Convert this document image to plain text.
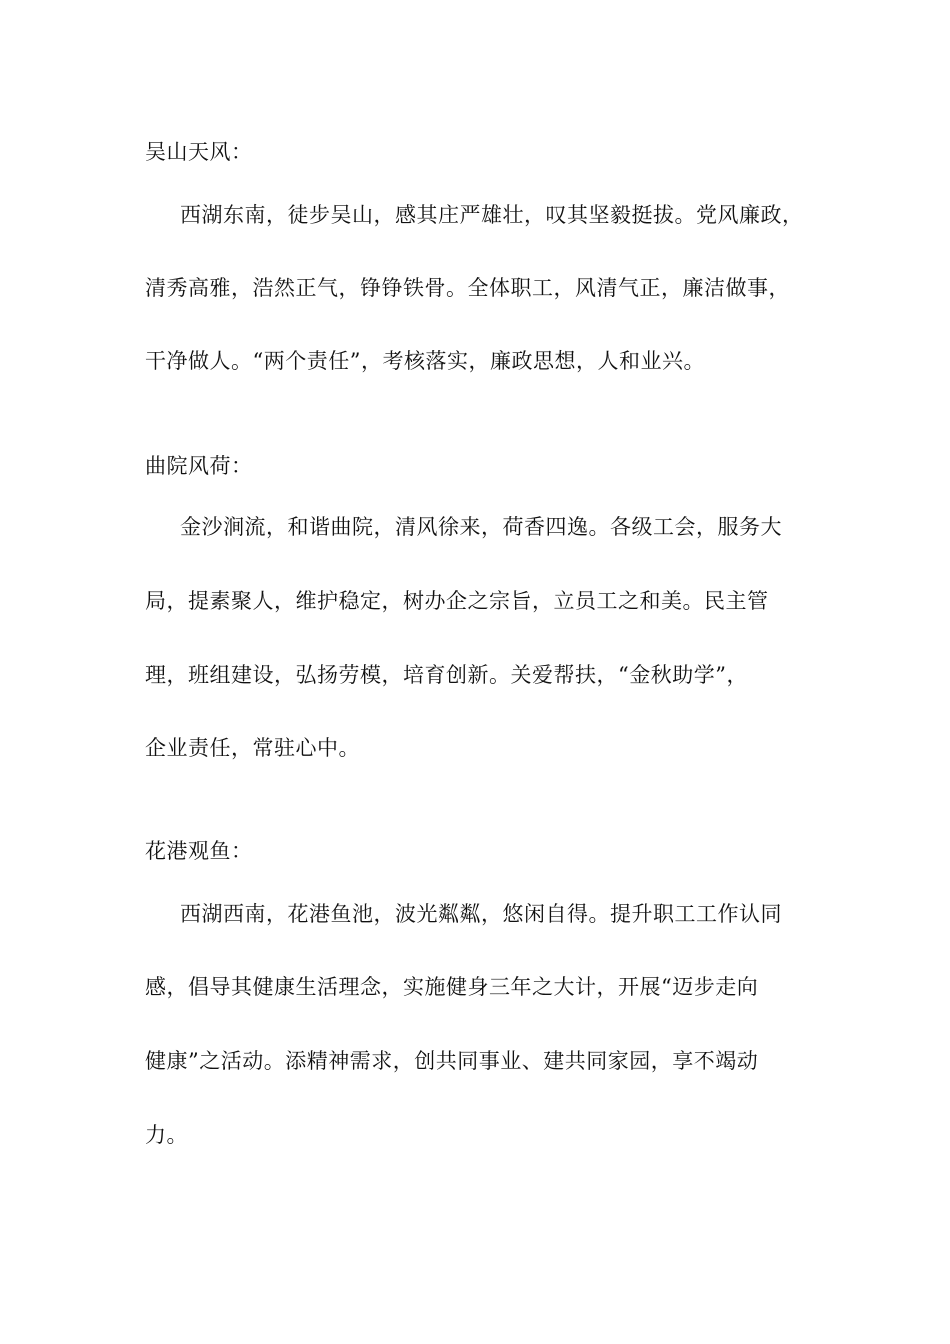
吴山天风：
西湖东南，徒步吴山，感其庄严雄壮，叹其坚毅挺拔。党风廉政，
清秀高雅，浩然正气，铮铮铁骨。全体职工，风清气正，廉洁做事，
干净做人。“两个责任”，考核落实，廉政思想，人和业兴。
曲院风荷：
金沙涧流，和谐曲院，清风徐来，荷香四逸。各级工会，服务大
局，提素聚人，维护稳定，树办企之宗旨，立员工之和美。民主管
理，班组建设，弘扬劳模，培育创新。关爱帮扶，“金秋助学”，
企业责任，常驻心中。
花港观鱼：
西湖西南，花港鱼池，波光粼粼，悠闲自得。提升职工工作认同
感，倡导其健康生活理念，实施健身三年之大计，开展“迈步走向
健康”之活动。添精神需求，创共同事业、建共同家园，享不竭动
力。
